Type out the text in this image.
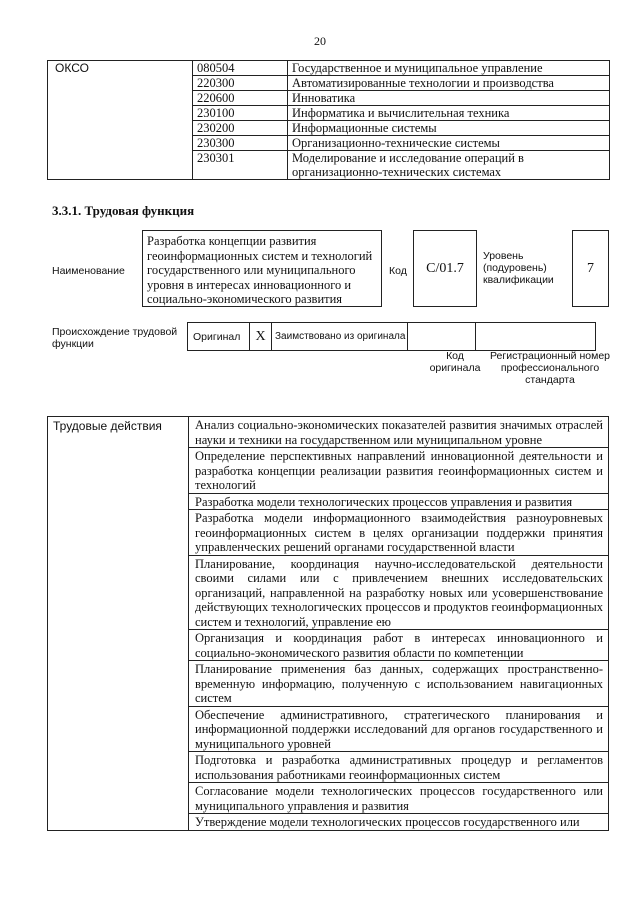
20
ОКСО	080504	Государственное и муниципальное управление
	220300	Автоматизированные технологии и производства
	220600	Инноватика
	230100	Информатика и вычислительная техника
	230200	Информационные системы
	230300	Организационно-технические системы
	230301	Моделирование и исследование операций в организационно-технических системах
3.3.1. Трудовая функция
Наименование
Разработка концепции развития геоинформационных систем и технологий государственного или муниципального уровня в интересах инновационного и социально-экономического развития
Код	С/01.7
Уровень (подуровень) квалификации
7
Происхождение трудовой функции
Оригинал	X	Заимствовано из оригинала		
Код оригинала
Регистрационный номер профессионального стандарта
Трудовые действия	Анализ социально-экономических показателей развития значимых отраслей науки и техники на государственном или муниципальном уровне
Определение перспективных направлений инновационной деятельности и разработка концепции реализации развития геоинформационных систем и технологий
Разработка модели технологических процессов управления и развития
Разработка модели информационного взаимодействия разноуровневых геоинформационных систем в целях организации поддержки принятия управленческих решений органами государственной власти
Планирование, координация научно-исследовательской деятельности своими силами или с привлечением внешних исследовательских организаций, направленной на разработку новых или усовершенствование действующих технологических процессов и продуктов геоинформационных систем и технологий, управление ею
Организация и координация работ в интересах инновационного и социально-экономического развития области по компетенции
Планирование применения баз данных, содержащих пространственно-временную информацию, полученную с использованием навигационных систем
Обеспечение административного, стратегического планирования и информационной поддержки исследований для органов государственного и муниципального уровней
Подготовка и разработка административных процедур и регламентов использования работниками геоинформационных систем
Согласование модели технологических процессов государственного или муниципального управления и развития
Утверждение модели технологических процессов государственного или
